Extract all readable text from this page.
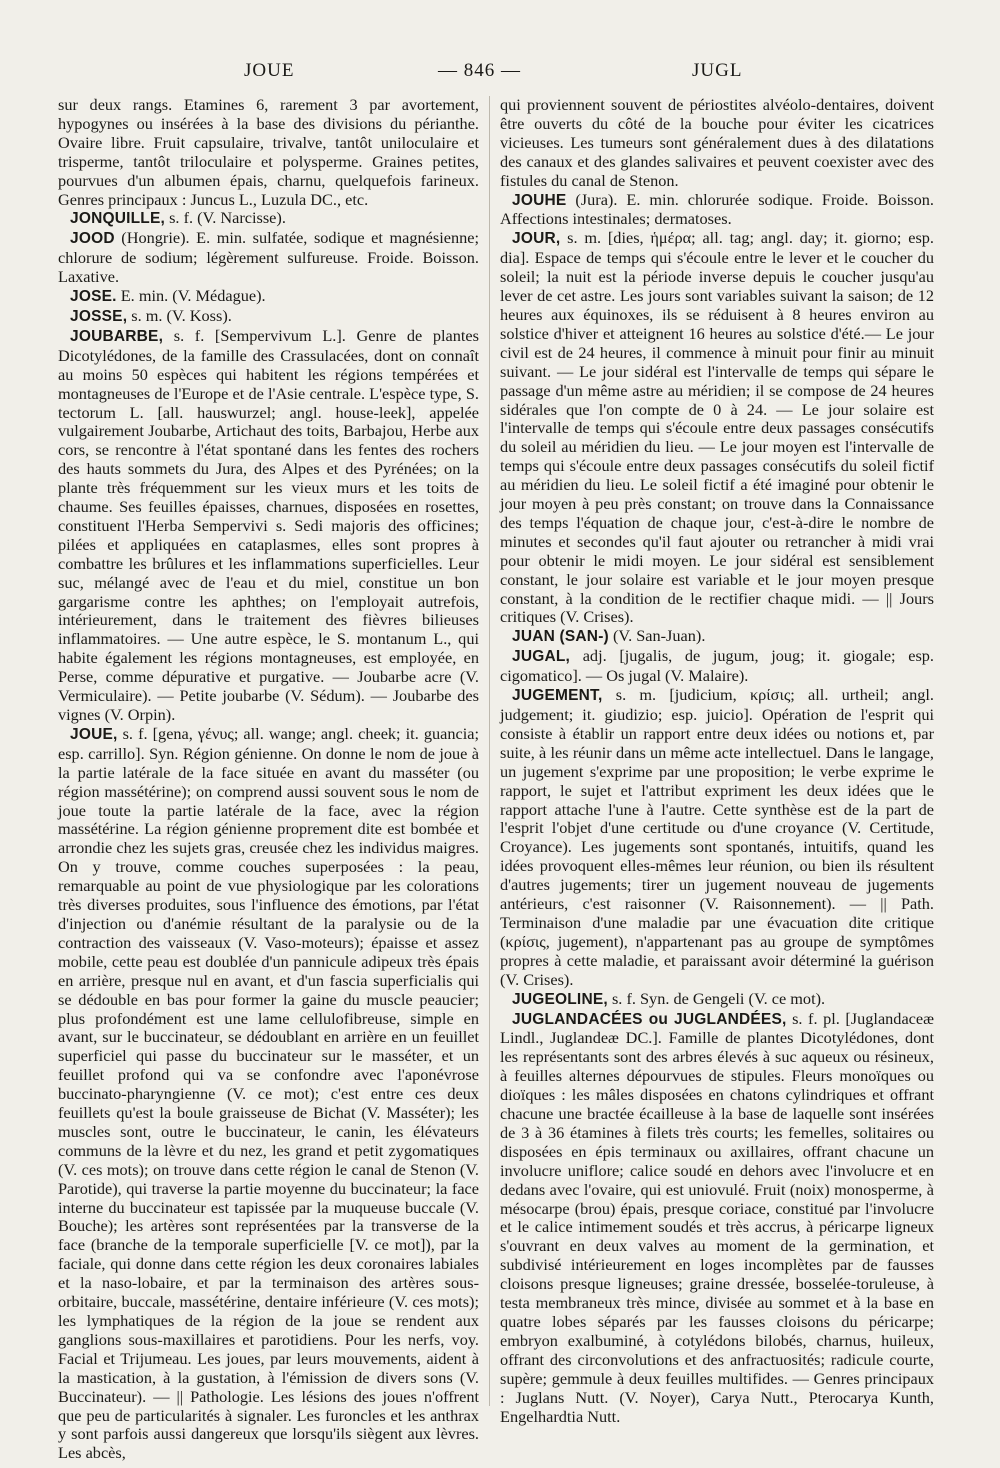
JOUE	— 846 —	JUGL

sur deux rangs. Etamines 6, rarement 3 par avortement, hypogynes ou insérées à la base des divisions du périanthe. Ovaire libre. Fruit capsulaire, trivalve, tantôt uniloculaire et trisperme, tantôt triloculaire et polysperme. Graines petites, pourvues d'un albumen épais, charnu, quelquefois farineux. Genres principaux : Juncus L., Luzula DC., etc.

JONQUILLE, s. f. (V. Narcisse).

JOOD (Hongrie). E. min. sulfatée, sodique et magnésienne; chlorure de sodium; légèrement sulfureuse. Froide. Boisson. Laxative.

JOSE. E. min. (V. Médague).

JOSSE, s. m. (V. Koss).

JOUBARBE, s. f. [Sempervivum L.]. Genre de plantes Dicotylédones, de la famille des Crassulacées, dont on connaît au moins 50 espèces qui habitent les régions tempérées et montagneuses de l'Europe et de l'Asie centrale. L'espèce type, S. tectorum L. [all. hauswurzel; angl. house-leek], appelée vulgairement Joubarbe, Artichaut des toits, Barbajou, Herbe aux cors, se rencontre à l'état spontané dans les fentes des rochers des hauts sommets du Jura, des Alpes et des Pyrénées; on la plante très fréquemment sur les vieux murs et les toits de chaume. Ses feuilles épaisses, charnues, disposées en rosettes, constituent l'Herba Sempervivi s. Sedi majoris des officines; pilées et appliquées en cataplasmes, elles sont propres à combattre les brûlures et les inflammations superficielles. Leur suc, mélangé avec de l'eau et du miel, constitue un bon gargarisme contre les aphthes; on l'employait autrefois, intérieurement, dans le traitement des fièvres bilieuses inflammatoires. — Une autre espèce, le S. montanum L., qui habite également les régions montagneuses, est employée, en Perse, comme dépurative et purgative. — Joubarbe acre (V. Vermiculaire). — Petite joubarbe (V. Sédum). — Joubarbe des vignes (V. Orpin).

JOUE, s. f. [gena, γένυς; all. wange; angl. cheek; it. guancia; esp. carrillo]. Syn. Région génienne. On donne le nom de joue à la partie latérale de la face située en avant du masséter (ou région massétérine); on comprend aussi souvent sous le nom de joue toute la partie latérale de la face, avec la région massétérine. La région génienne proprement dite est bombée et arrondie chez les sujets gras, creusée chez les individus maigres. On y trouve, comme couches superposées : la peau, remarquable au point de vue physiologique par les colorations très diverses produites, sous l'influence des émotions, par l'état d'injection ou d'anémie résultant de la paralysie ou de la contraction des vaisseaux (V. Vaso-moteurs); épaisse et assez mobile, cette peau est doublée d'un pannicule adipeux très épais en arrière, presque nul en avant, et d'un fascia superficialis qui se dédouble en bas pour former la gaine du muscle peaucier; plus profondément est une lame cellulofibreuse, simple en avant, sur le buccinateur, se dédoublant en arrière en un feuillet superficiel qui passe du buccinateur sur le masséter, et un feuillet profond qui va se confondre avec l'aponévrose buccinato-pharyngienne (V. ce mot); c'est entre ces deux feuillets qu'est la boule graisseuse de Bichat (V. Masséter); les muscles sont, outre le buccinateur, le canin, les élévateurs communs de la lèvre et du nez, les grand et petit zygomatiques (V. ces mots); on trouve dans cette région le canal de Stenon (V. Parotide), qui traverse la partie moyenne du buccinateur; la face interne du buccinateur est tapissée par la muqueuse buccale (V. Bouche); les artères sont représentées par la transverse de la face (branche de la temporale superficielle [V. ce mot]), par la faciale, qui donne dans cette région les deux coronaires labiales et la naso-lobaire, et par la terminaison des artères sous-orbitaire, buccale, massétérine, dentaire inférieure (V. ces mots); les lymphatiques de la région de la joue se rendent aux ganglions sous-maxillaires et parotidiens. Pour les nerfs, voy. Facial et Trijumeau. Les joues, par leurs mouvements, aident à la mastication, à la gustation, à l'émission de divers sons (V. Buccinateur). — || Pathologie. Les lésions des joues n'offrent que peu de particularités à signaler. Les furoncles et les anthrax y sont parfois aussi dangereux que lorsqu'ils siègent aux lèvres. Les abcès,

qui proviennent souvent de périostites alvéolo-dentaires, doivent être ouverts du côté de la bouche pour éviter les cicatrices vicieuses. Les tumeurs sont généralement dues à des dilatations des canaux et des glandes salivaires et peuvent coexister avec des fistules du canal de Stenon.

JOUHE (Jura). E. min. chlorurée sodique. Froide. Boisson. Affections intestinales; dermatoses.

JOUR, s. m. [dies, ἡμέρα; all. tag; angl. day; it. giorno; esp. dia]. Espace de temps qui s'écoule entre le lever et le coucher du soleil; la nuit est la période inverse depuis le coucher jusqu'au lever de cet astre. Les jours sont variables suivant la saison; de 12 heures aux équinoxes, ils se réduisent à 8 heures environ au solstice d'hiver et atteignent 16 heures au solstice d'été.— Le jour civil est de 24 heures, il commence à minuit pour finir au minuit suivant. — Le jour sidéral est l'intervalle de temps qui sépare le passage d'un même astre au méridien; il se compose de 24 heures sidérales que l'on compte de 0 à 24. — Le jour solaire est l'intervalle de temps qui s'écoule entre deux passages consécutifs du soleil au méridien du lieu. — Le jour moyen est l'intervalle de temps qui s'écoule entre deux passages consécutifs du soleil fictif au méridien du lieu. Le soleil fictif a été imaginé pour obtenir le jour moyen à peu près constant; on trouve dans la Connaissance des temps l'équation de chaque jour, c'est-à-dire le nombre de minutes et secondes qu'il faut ajouter ou retrancher à midi vrai pour obtenir le midi moyen. Le jour sidéral est sensiblement constant, le jour solaire est variable et le jour moyen presque constant, à la condition de le rectifier chaque midi. — || Jours critiques (V. Crises).

JUAN (SAN-) (V. San-Juan).

JUGAL, adj. [jugalis, de jugum, joug; it. giogale; esp. cigomatico]. — Os jugal (V. Malaire).

JUGEMENT, s. m. [judicium, κρίσις; all. urtheil; angl. judgement; it. giudizio; esp. juicio]. Opération de l'esprit qui consiste à établir un rapport entre deux idées ou notions et, par suite, à les réunir dans un même acte intellectuel. Dans le langage, un jugement s'exprime par une proposition; le verbe exprime le rapport, le sujet et l'attribut expriment les deux idées que le rapport attache l'une à l'autre. Cette synthèse est de la part de l'esprit l'objet d'une certitude ou d'une croyance (V. Certitude, Croyance). Les jugements sont spontanés, intuitifs, quand les idées provoquent elles-mêmes leur réunion, ou bien ils résultent d'autres jugements; tirer un jugement nouveau de jugements antérieurs, c'est raisonner (V. Raisonnement). — || Path. Terminaison d'une maladie par une évacuation dite critique (κρίσις, jugement), n'appartenant pas au groupe de symptômes propres à cette maladie, et paraissant avoir déterminé la guérison (V. Crises).

JUGEOLINE, s. f. Syn. de Gengeli (V. ce mot).

JUGLANDACÉES ou JUGLANDÉES, s. f. pl. [Juglandaceæ Lindl., Juglandeæ DC.]. Famille de plantes Dicotylédones, dont les représentants sont des arbres élevés à suc aqueux ou résineux, à feuilles alternes dépourvues de stipules. Fleurs monoïques ou dioïques : les mâles disposées en chatons cylindriques et offrant chacune une bractée écailleuse à la base de laquelle sont insérées de 3 à 36 étamines à filets très courts; les femelles, solitaires ou disposées en épis terminaux ou axillaires, offrant chacune un involucre uniflore; calice soudé en dehors avec l'involucre et en dedans avec l'ovaire, qui est uniovulé. Fruit (noix) monosperme, à mésocarpe (brou) épais, presque coriace, constitué par l'involucre et le calice intimement soudés et très accrus, à péricarpe ligneux s'ouvrant en deux valves au moment de la germination, et subdivisé intérieurement en loges incomplètes par de fausses cloisons presque ligneuses; graine dressée, bosselée-toruleuse, à testa membraneux très mince, divisée au sommet et à la base en quatre lobes séparés par les fausses cloisons du péricarpe; embryon exalbuminé, à cotylédons bilobés, charnus, huileux, offrant des circonvolutions et des anfractuosités; radicule courte, supère; gemmule à deux feuilles multifides. — Genres principaux : Juglans Nutt. (V. Noyer), Carya Nutt., Pterocarya Kunth, Engelhardtia Nutt.
